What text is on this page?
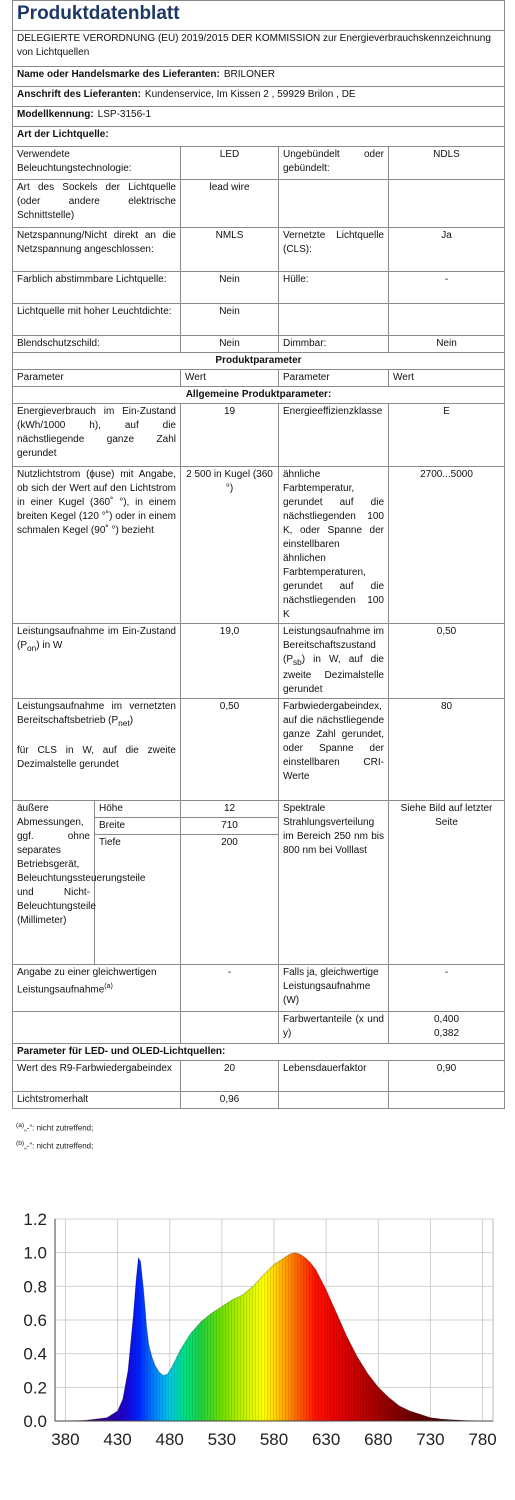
Produktdatenblatt				
DELEGIERTE VERORDNUNG (EU) 2019/2015 DER KOMMISSION zur Energieverbrauchskennzeichnung von Lichtquellen				
Name oder Handelsmarke des Lieferanten: BRILONER				
Anschrift des Lieferanten: Kundenservice, Im Kissen 2 , 59929 Brilon , DE				
Modellkennung: LSP-3156-1				
Art der Lichtquelle:				
Verwendete Beleuchtungstechnologie:		LED	Ungebündelt oder gebündelt:	NDLS
Art des Sockels der Lichtquelle (oder andere elektrische Schnittstelle)		lead wire		
Netzspannung/Nicht direkt an die Netzspannung angeschlossen:		NMLS	Vernetzte Lichtquelle (CLS):	Ja
Farblich abstimmbare Lichtquelle:		Nein	Hülle:	-
Lichtquelle mit hoher Leuchtdichte:		Nein		
Blendschutzschild:		Nein	Dimmbar:	Nein
Produktparameter				
Parameter		Wert	Parameter	Wert
Allgemeine Produktparameter:				
Energieverbrauch im Ein-Zustand (kWh/1000 h), auf die nächstliegende ganze Zahl gerundet		19	Energieeffizienzklasse	E
Nutzlichtstrom (ϕuse) mit Angabe, ob sich der Wert auf den Lichtstrom in einer Kugel (360˚ °), in einem breiten Kegel (120 °˚) oder in einem schmalen Kegel (90˚ °) bezieht		2 500 in Kugel (360 °)	ähnliche Farbtemperatur, gerundet auf die nächstliegenden 100 K, oder Spanne der einstellbaren ähnlichen Farbtemperaturen, gerundet auf die nächstliegenden 100 K	2700...5000
Leistungsaufnahme im Ein-Zustand $(P_{on})$ in W		19,0	Leistungsaufnahme im Bereitschaftszustand $(P_{sb})$ in W, auf die zweite Dezimalstelle gerundet	0,50
Leistungsaufnahme im vernetzten Bereitschaftsbetrieb $(P_{net})$

für CLS in W, auf die zweite Dezimalstelle gerundet		0,50	Farbwiedergabeindex, auf die nächstliegende ganze Zahl gerundet, oder Spanne der einstellbaren CRI-Werte	80
äußere Abmessungen, ggf. ohne separates Betriebsgerät, Beleuchtungssteuerungsteile und Nicht-Beleuchtungsteile (Millimeter)	Höhe	12	Spektrale Strahlungsverteilung im Bereich 250 nm bis 800 nm bei Volllast	Siehe Bild auf letzter Seite
	Breite	710		
	Tiefe	200		
Angabe zu einer gleichwertigen Leistungsaufnahme$^{(a)}$		-	Falls ja, gleichwertige Leistungsaufnahme (W)	-
			Farbwertanteile (x und y)	0,400
0,382
Parameter für LED- und OLED-Lichtquellen:				
Wert des R9-Farbwiedergabeindex		20	Lebensdauerfaktor	0,90
Lichtstromerhalt		0,96		
$^{(a)}$„-“: nicht zutreffend;
$^{(b)}$„-“: nicht zutreffend;
0.0
0.2
0.4
0.6
0.8
1.0
1.2
380 430 480 530 580 630 680 730 780
